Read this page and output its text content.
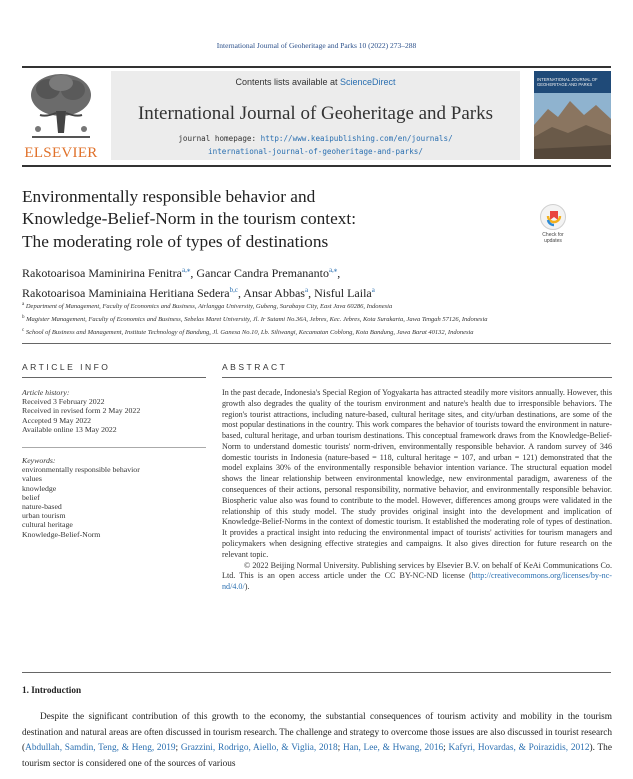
International Journal of Geoheritage and Parks 10 (2022) 273–288
ELSEVIER
Contents lists available at ScienceDirect
International Journal of Geoheritage and Parks
journal homepage: http://www.keaipublishing.com/en/journals/
international-journal-of-geoheritage-and-parks/
INTERNATIONAL JOURNAL OF GEOHERITAGE AND PARKS
Environmentally responsible behavior and
Knowledge-Belief-Norm in the tourism context:
The moderating role of types of destinations	Check for updates
Rakotoarisoa Maminirina Fenitra$^{a,⁎}$, Gancar Candra Premananto$^{a,⁎}$,
Rakotoarisoa Maminiaina Heritiana Sedera$^{b,c}$, Ansar Abbas$^a$, Nisful Laila$^a$
$^a$ Department of Management, Faculty of Economics and Business, Airlangga University, Gubeng, Surabaya City, East Java 60286, Indonesia
$^b$ Magister Management, Faculty of Economics and Business, Sebelas Maret University, Jl. Ir Sutami No.36A, Jebres, Kec. Jebres, Kota Surakarta, Jawa Tengah 57126, Indonesia
$^c$ School of Business and Management, Institute Technology of Bandung, Jl. Ganesa No.10, Lb. Siliwangi, Kecamatan Coblong, Kota Bandung, Jawa Barat 40132, Indonesia
ARTICLE INFO	ABSTRACT
Article history:
Received 3 February 2022
Received in revised form 2 May 2022
Accepted 9 May 2022
Available online 13 May 2022
Keywords:
environmentally responsible behavior
values
knowledge
belief
nature-based
urban tourism
cultural heritage
Knowledge-Belief-Norm
In the past decade, Indonesia's Special Region of Yogyakarta has attracted steadily more visitors annually. However, this growth also degrades the quality of the tourism environment and nature's health due to irresponsible behaviors. The region's tourist attractions, including nature-based, cultural heritage sites, and city/urban destinations, are some of the most popular destinations in the country. This work compares the behavior of tourists toward the environment in nature-based, cultural heritage, and urban tourism destinations. This conceptual framework draws from the Knowledge-Belief-Norm to understand domestic tourists' norm-driven, environmentally responsible behavior. A random survey of 346 domestic tourists in Indonesia (nature-based = 118, cultural heritage = 107, and urban = 121) demonstrated that the model explains 30% of the environmentally responsible behavior intention variance. The structural equation model shows the linear relationship between environmental knowledge, new environmental paradigm, awareness of the consequences of their actions, personal responsibility, normative behavior, and environmentally responsible behavior. Biospheric value also was found to contribute to the model. However, differences among groups were validated in the relationship of this study model. The study provides original insight into the development and implication of Knowledge-Belief-Norms in the context of domestic tourism. It established the moderating role of types of destination. It provides a practical insight into reducing the environmental impact of tourists' activities for tourism managers and policymakers when designing effective strategies and campaigns. It also gives direction for future research on the relevant topic.
© 2022 Beijing Normal University. Publishing services by Elsevier B.V. on behalf of KeAi Communications Co. Ltd. This is an open access article under the CC BY-NC-ND license (http://creativecommons.org/licenses/by-nc-nd/4.0/).
1. Introduction
Despite the significant contribution of this growth to the economy, the substantial consequences of tourism activity and mobility in the tourism destination and natural areas are often discussed in tourism research. The challenge and strategy to overcome those issues are also discussed in tourist research (Abdullah, Samdin, Teng, & Heng, 2019; Grazzini, Rodrigo, Aiello, & Viglia, 2018; Han, Lee, & Hwang, 2016; Kafyri, Hovardas, & Poirazidis, 2012). The tourism sector is considered one of the sources of various
